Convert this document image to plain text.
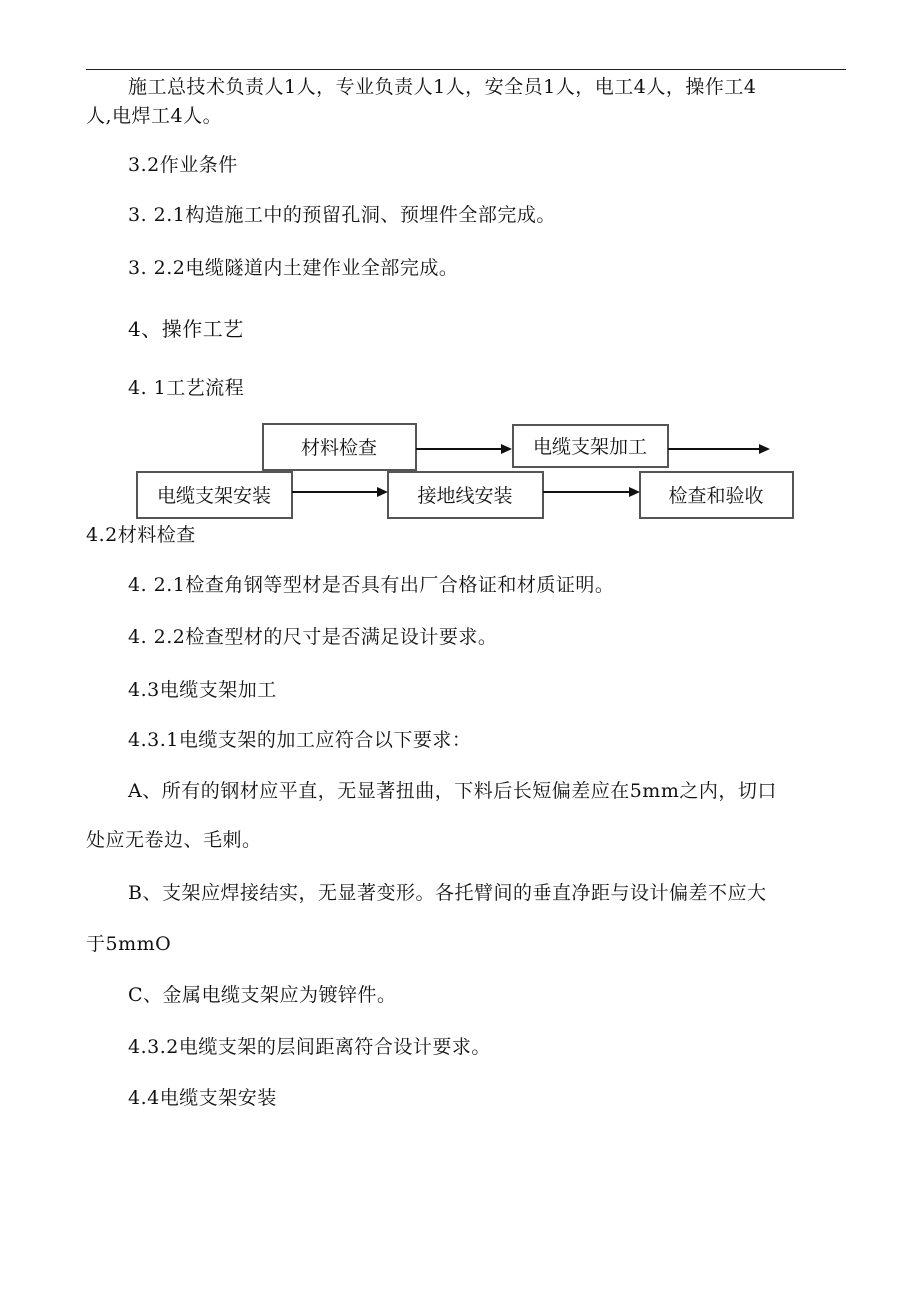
施工总技术负责人1人，专业负责人1人，安全员1人，电工4人，操作工4
人,电焊工4人。
3.2作业条件
3. 2.1构造施工中的预留孔洞、预埋件全部完成。
3. 2.2电缆隧道内土建作业全部完成。
4、操作工艺
4. 1工艺流程
材料检查
电缆支架安装	接地线安装
电缆支架加工
检查和验收
4.2材料检查
4. 2.1检查角钢等型材是否具有出厂合格证和材质证明。
4. 2.2检查型材的尺寸是否满足设计要求。
4.3电缆支架加工
4.3.1电缆支架的加工应符合以下要求：
A、所有的钢材应平直，无显著扭曲，下料后长短偏差应在5mm之内，切口
处应无卷边、毛刺。
B、支架应焊接结实，无显著变形。各托臂间的垂直净距与设计偏差不应大
于5mmO
C、金属电缆支架应为镀锌件。
4.3.2电缆支架的层间距离符合设计要求。
4.4电缆支架安装
